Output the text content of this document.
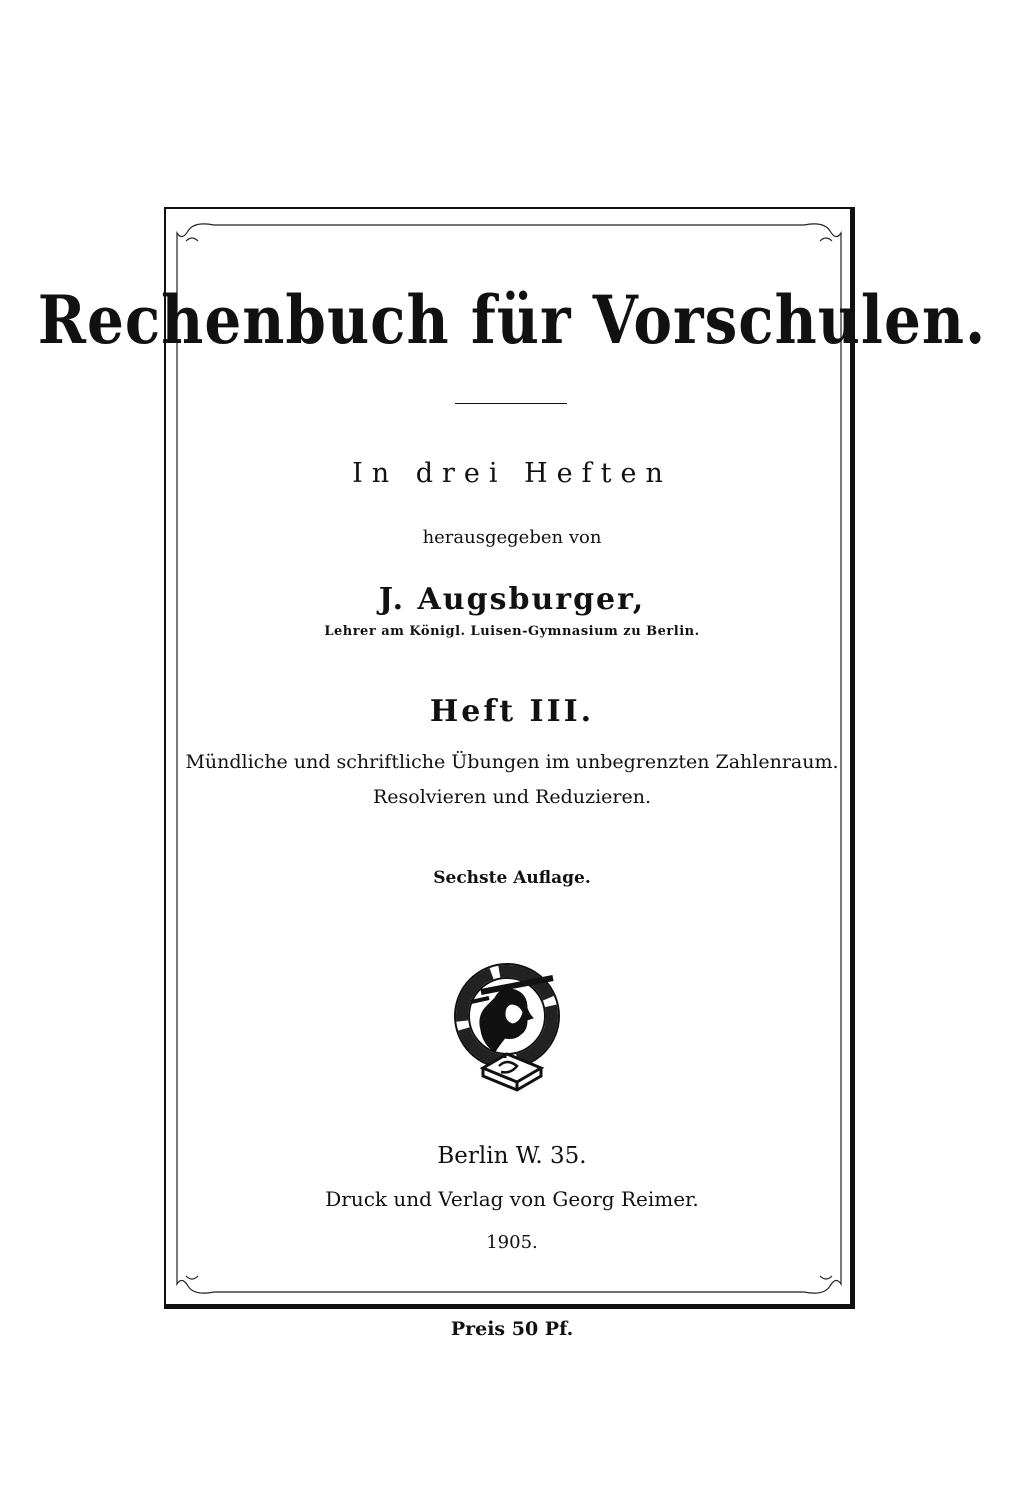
Rechenbuch für Vorschulen.
In drei Heften
herausgegeben von
J. Augsburger,
Lehrer am Königl. Luisen-Gymnasium zu Berlin.
Heft III.
Mündliche und schriftliche Übungen im unbegrenzten Zahlenraum.
Resolvieren und Reduzieren.
Sechste Auflage.
Berlin W. 35.
Druck und Verlag von Georg Reimer.
1905.
Preis 50 Pf.
